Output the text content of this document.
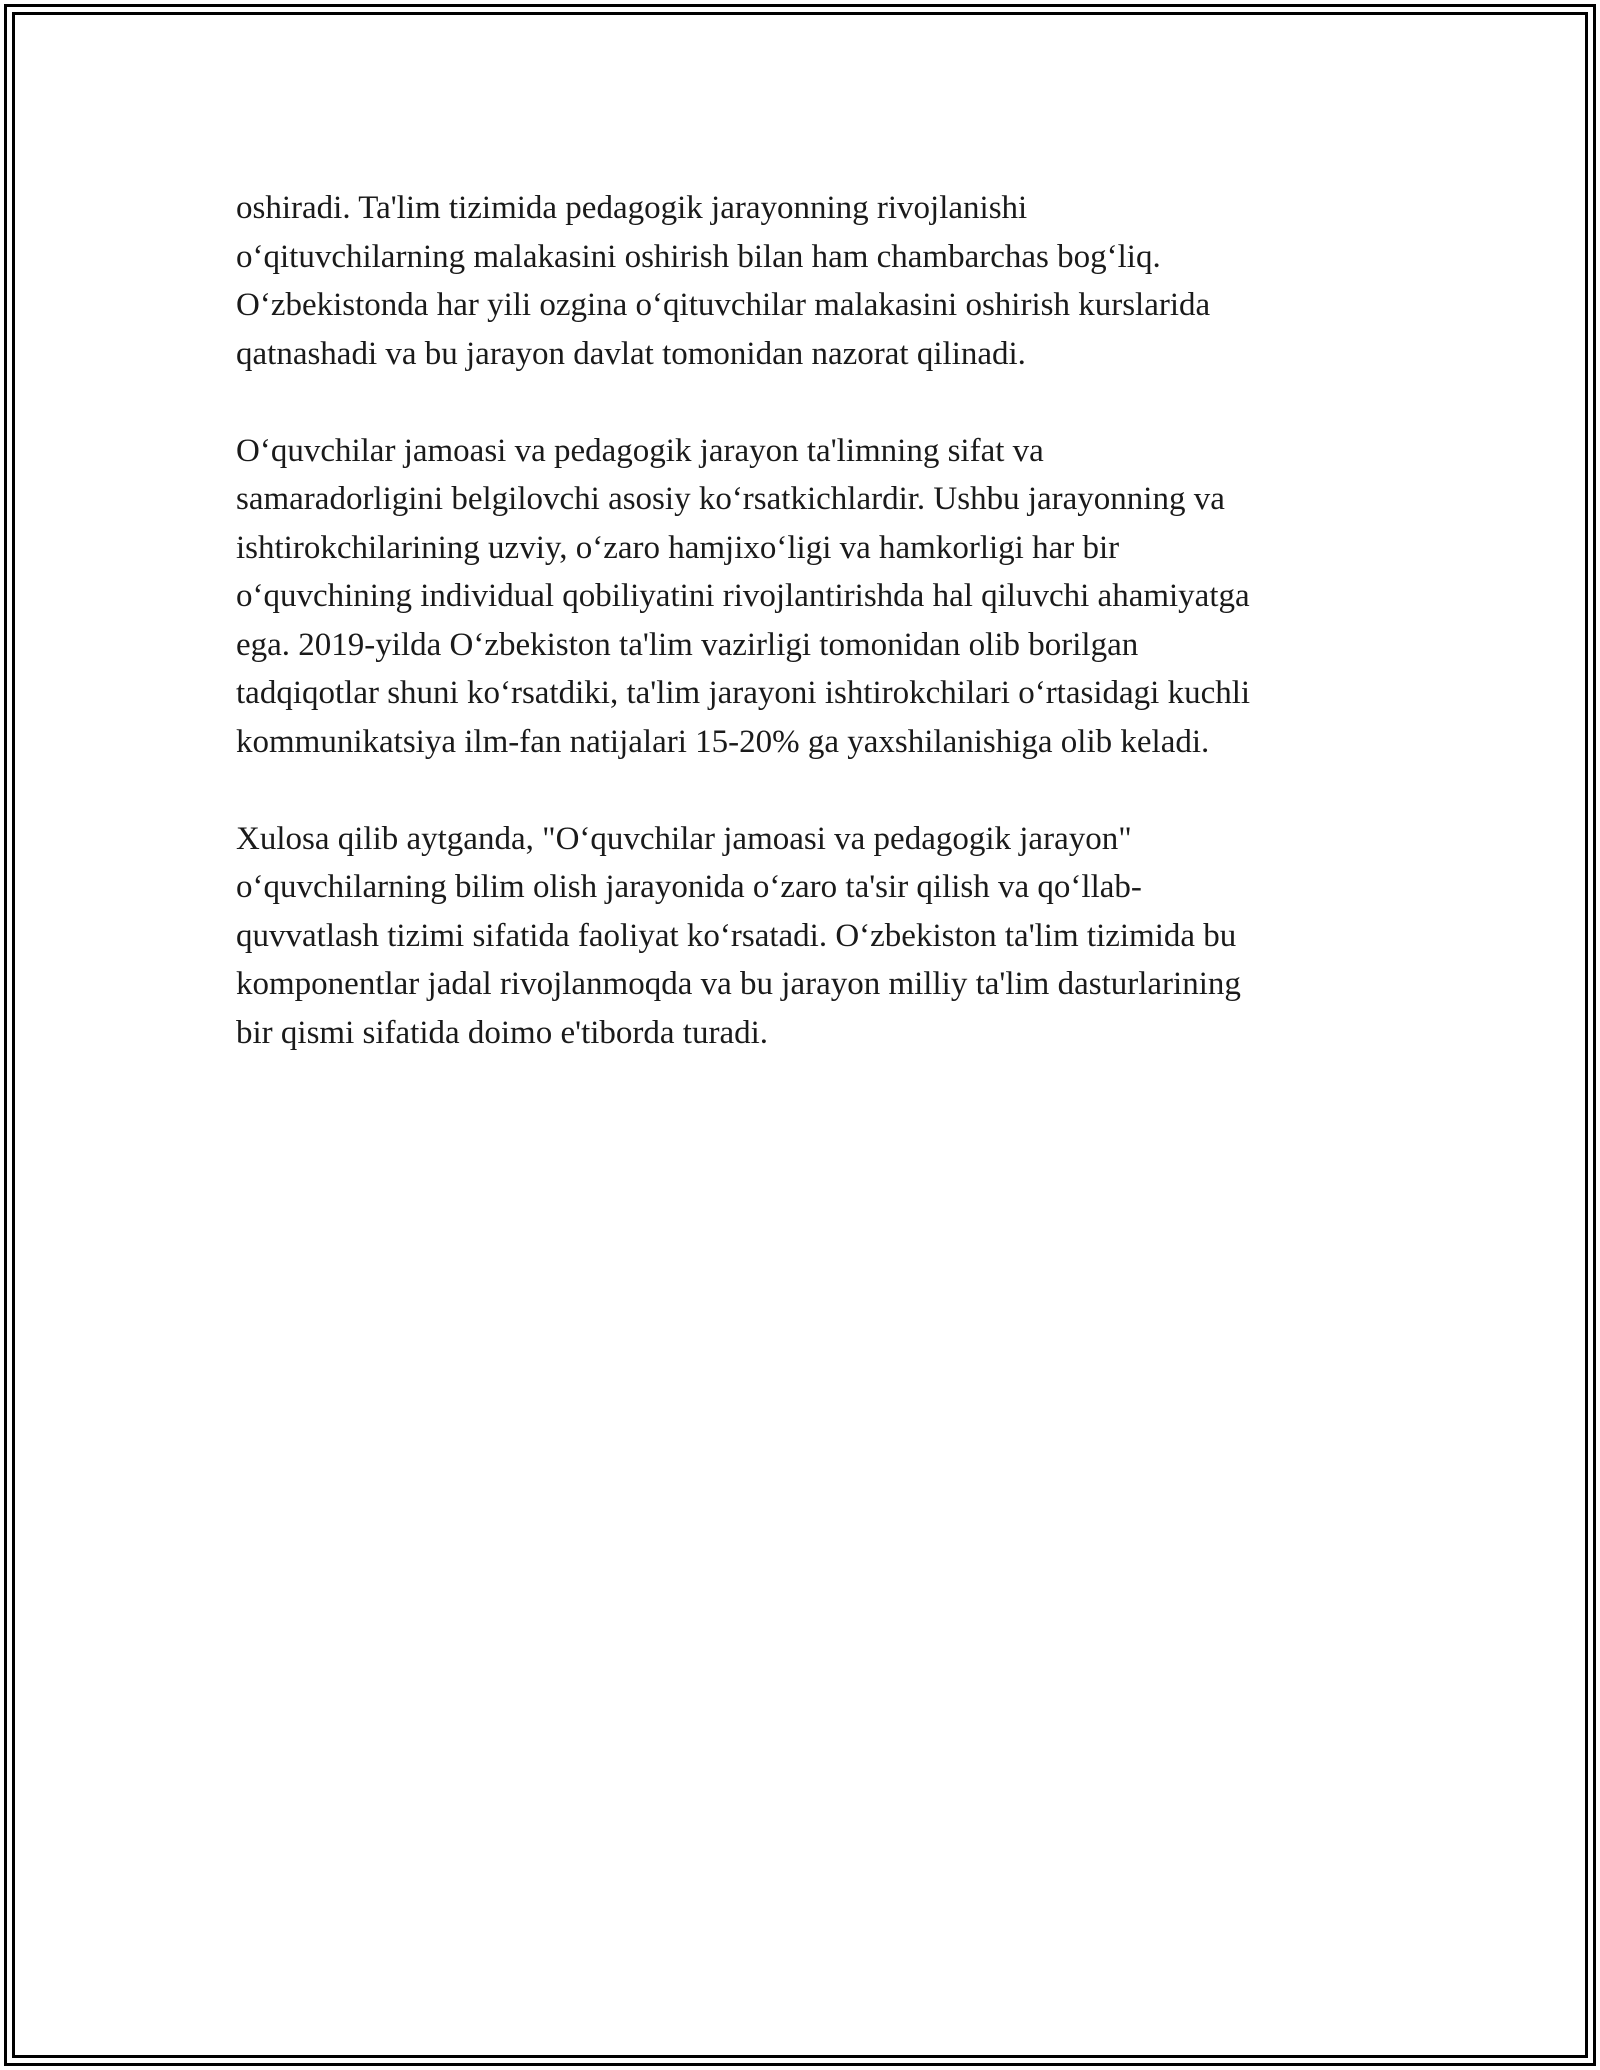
oshiradi. Ta'lim tizimida pedagogik jarayonning rivojlanishi
oʻqituvchilarning malakasini oshirish bilan ham chambarchas bogʻliq.
Oʻzbekistonda har yili ozgina oʻqituvchilar malakasini oshirish kurslarida
qatnashadi va bu jarayon davlat tomonidan nazorat qilinadi.

Oʻquvchilar jamoasi va pedagogik jarayon ta'limning sifat va
samaradorligini belgilovchi asosiy koʻrsatkichlardir. Ushbu jarayonning va
ishtirokchilarining uzviy, oʻzaro hamjixoʻligi va hamkorligi har bir
oʻquvchining individual qobiliyatini rivojlantirishda hal qiluvchi ahamiyatga
ega. 2019-yilda Oʻzbekiston ta'lim vazirligi tomonidan olib borilgan
tadqiqotlar shuni koʻrsatdiki, ta'lim jarayoni ishtirokchilari oʻrtasidagi kuchli
kommunikatsiya ilm-fan natijalari 15-20% ga yaxshilanishiga olib keladi.

Xulosa qilib aytganda, "Oʻquvchilar jamoasi va pedagogik jarayon"
oʻquvchilarning bilim olish jarayonida oʻzaro ta'sir qilish va qoʻllab-
quvvatlash tizimi sifatida faoliyat koʻrsatadi. Oʻzbekiston ta'lim tizimida bu
komponentlar jadal rivojlanmoqda va bu jarayon milliy ta'lim dasturlarining
bir qismi sifatida doimo e'tiborda turadi.
